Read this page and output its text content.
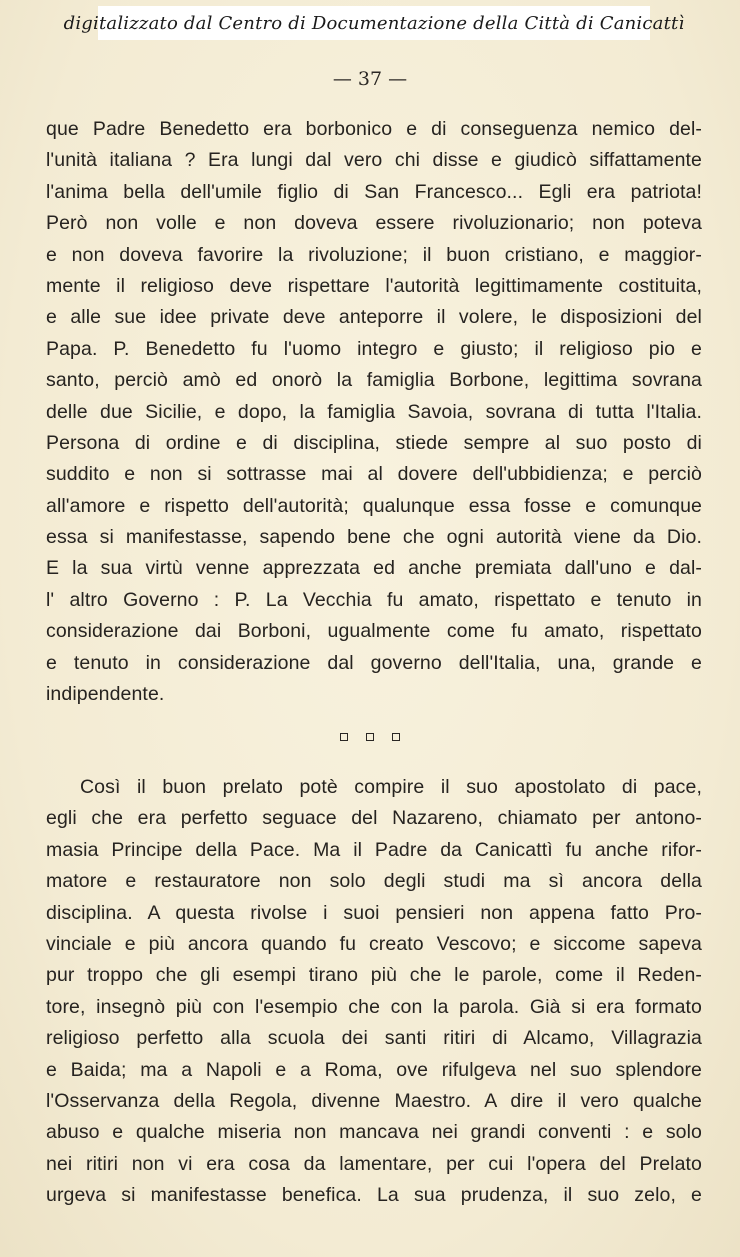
digitalizzato dal Centro di Documentazione della Città di Canicattì
— 37 —
que Padre Benedetto era borbonico e di conseguenza nemico del-
l'unità italiana ? Era lungi dal vero chi disse e giudicò siffattamente
l'anima bella dell'umile figlio di San Francesco... Egli era patriota!
Però non volle e non doveva essere rivoluzionario; non poteva
e non doveva favorire la rivoluzione; il buon cristiano, e maggior-
mente il religioso deve rispettare l'autorità legittimamente costituita,
e alle sue idee private deve anteporre il volere, le disposizioni del
Papa. P. Benedetto fu l'uomo integro e giusto; il religioso pio e
santo, perciò amò ed onorò la famiglia Borbone, legittima sovrana
delle due Sicilie, e dopo, la famiglia Savoia, sovrana di tutta l'Italia.
Persona di ordine e di disciplina, stiede sempre al suo posto di
suddito e non si sottrasse mai al dovere dell'ubbidienza; e perciò
all'amore e rispetto dell'autorità; qualunque essa fosse e comunque
essa si manifestasse, sapendo bene che ogni autorità viene da Dio.
E la sua virtù venne apprezzata ed anche premiata dall'uno e dal-
l' altro Governo : P. La Vecchia fu amato, rispettato e tenuto in
considerazione dai Borboni, ugualmente come fu amato, rispettato
e tenuto in considerazione dal governo dell'Italia, una, grande e
indipendente.
Così il buon prelato potè compire il suo apostolato di pace,
egli che era perfetto seguace del Nazareno, chiamato per antono-
masia Principe della Pace. Ma il Padre da Canicattì fu anche rifor-
matore e restauratore non solo degli studi ma sì ancora della
disciplina. A questa rivolse i suoi pensieri non appena fatto Pro-
vinciale e più ancora quando fu creato Vescovo; e siccome sapeva
pur troppo che gli esempi tirano più che le parole, come il Reden-
tore, insegnò più con l'esempio che con la parola. Già si era formato
religioso perfetto alla scuola dei santi ritiri di Alcamo, Villagrazia
e Baida; ma a Napoli e a Roma, ove rifulgeva nel suo splendore
l'Osservanza della Regola, divenne Maestro. A dire il vero qualche
abuso e qualche miseria non mancava nei grandi conventi : e solo
nei ritiri non vi era cosa da lamentare, per cui l'opera del Prelato
urgeva si manifestasse benefica. La sua prudenza, il suo zelo, e
